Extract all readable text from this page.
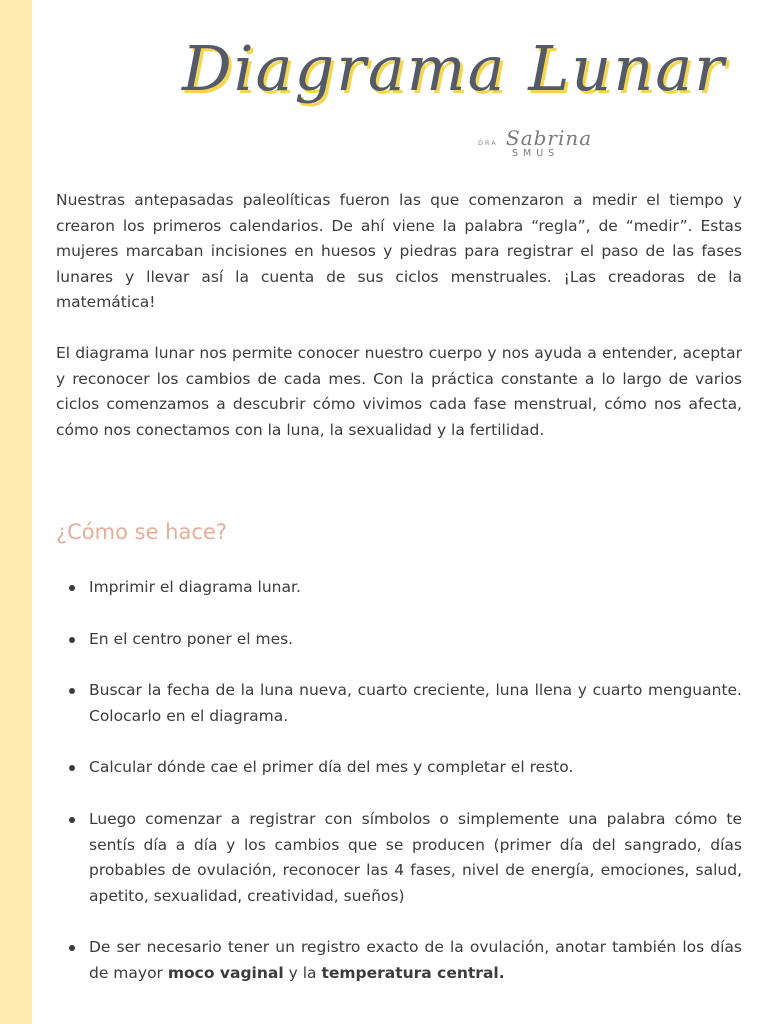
Diagrama Lunar
DRA Sabrina
SMUS

Nuestras antepasadas paleolíticas fueron las que comenzaron a medir el tiempo y crearon los primeros calendarios. De ahí viene la palabra “regla”, de “medir”. Estas mujeres marcaban incisiones en huesos y piedras para registrar el paso de las fases lunares y llevar así la cuenta de sus ciclos menstruales. ¡Las creadoras de la matemática!

El diagrama lunar nos permite conocer nuestro cuerpo y nos ayuda a entender, aceptar y reconocer los cambios de cada mes. Con la práctica constante a lo largo de varios ciclos comenzamos a descubrir cómo vivimos cada fase menstrual, cómo nos afecta, cómo nos conectamos con la luna, la sexualidad y la fertilidad.

¿Cómo se hace?
Imprimir el diagrama lunar.
En el centro poner el mes.
Buscar la fecha de la luna nueva, cuarto creciente, luna llena y cuarto menguante. Colocarlo en el diagrama.
Calcular dónde cae el primer día del mes y completar el resto.
Luego comenzar a registrar con símbolos o simplemente una palabra cómo te sentís día a día y los cambios que se producen (primer día del sangrado, días probables de ovulación, reconocer las 4 fases, nivel de energía, emociones, salud, apetito, sexualidad, creatividad, sueños)
De ser necesario tener un registro exacto de la ovulación, anotar también los días de mayor moco vaginal y la temperatura central.
